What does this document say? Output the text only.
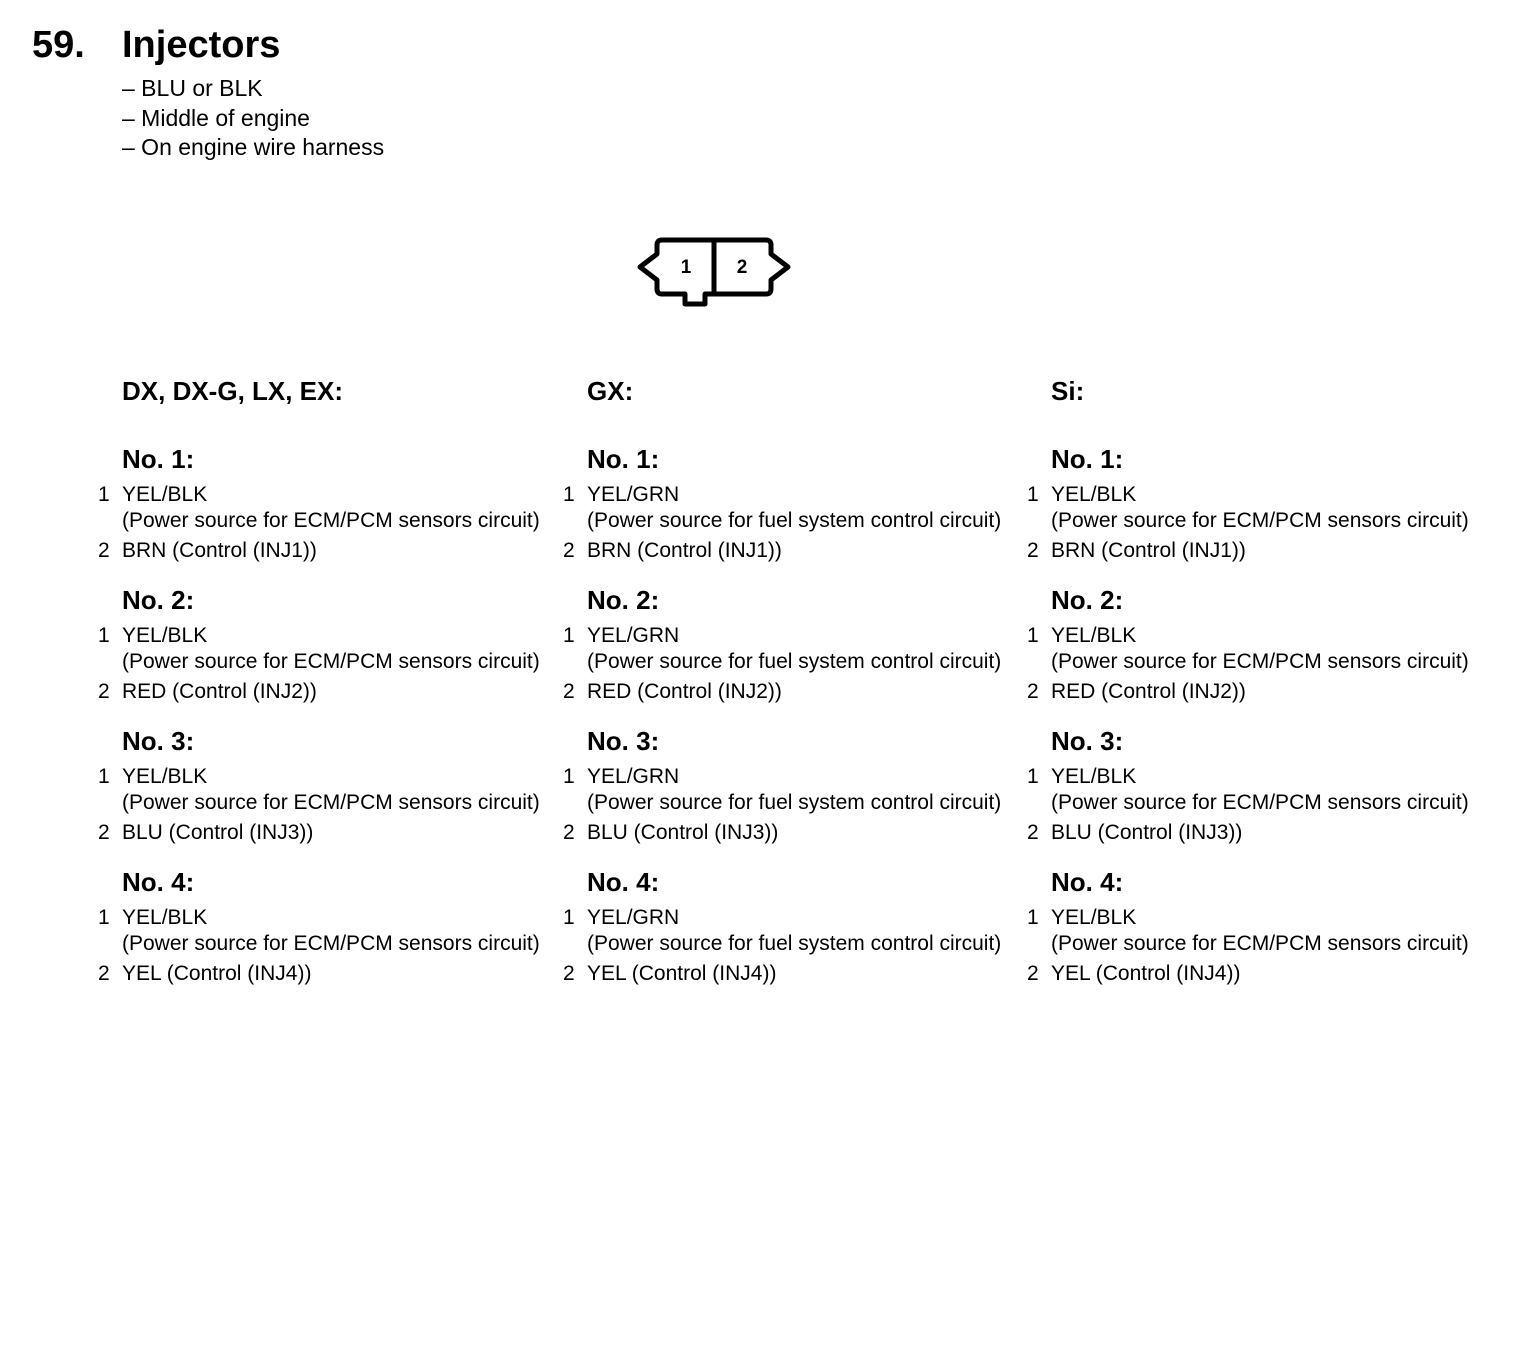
59. Injectors
– BLU or BLK
– Middle of engine
– On engine wire harness
1 2
DX, DX-G, LX, EX:
No. 1:
1 YEL/BLK
(Power source for ECM/PCM sensors circuit)
2 BRN (Control (INJ1))
No. 2:
1 YEL/BLK
(Power source for ECM/PCM sensors circuit)
2 RED (Control (INJ2))
No. 3:
1 YEL/BLK
(Power source for ECM/PCM sensors circuit)
2 BLU (Control (INJ3))
No. 4:
1 YEL/BLK
(Power source for ECM/PCM sensors circuit)
2 YEL (Control (INJ4))
GX:
No. 1:
1 YEL/GRN
(Power source for fuel system control circuit)
2 BRN (Control (INJ1))
No. 2:
1 YEL/GRN
(Power source for fuel system control circuit)
2 RED (Control (INJ2))
No. 3:
1 YEL/GRN
(Power source for fuel system control circuit)
2 BLU (Control (INJ3))
No. 4:
1 YEL/GRN
(Power source for fuel system control circuit)
2 YEL (Control (INJ4))
Si:
No. 1:
1 YEL/BLK
(Power source for ECM/PCM sensors circuit)
2 BRN (Control (INJ1))
No. 2:
1 YEL/BLK
(Power source for ECM/PCM sensors circuit)
2 RED (Control (INJ2))
No. 3:
1 YEL/BLK
(Power source for ECM/PCM sensors circuit)
2 BLU (Control (INJ3))
No. 4:
1 YEL/BLK
(Power source for ECM/PCM sensors circuit)
2 YEL (Control (INJ4))
